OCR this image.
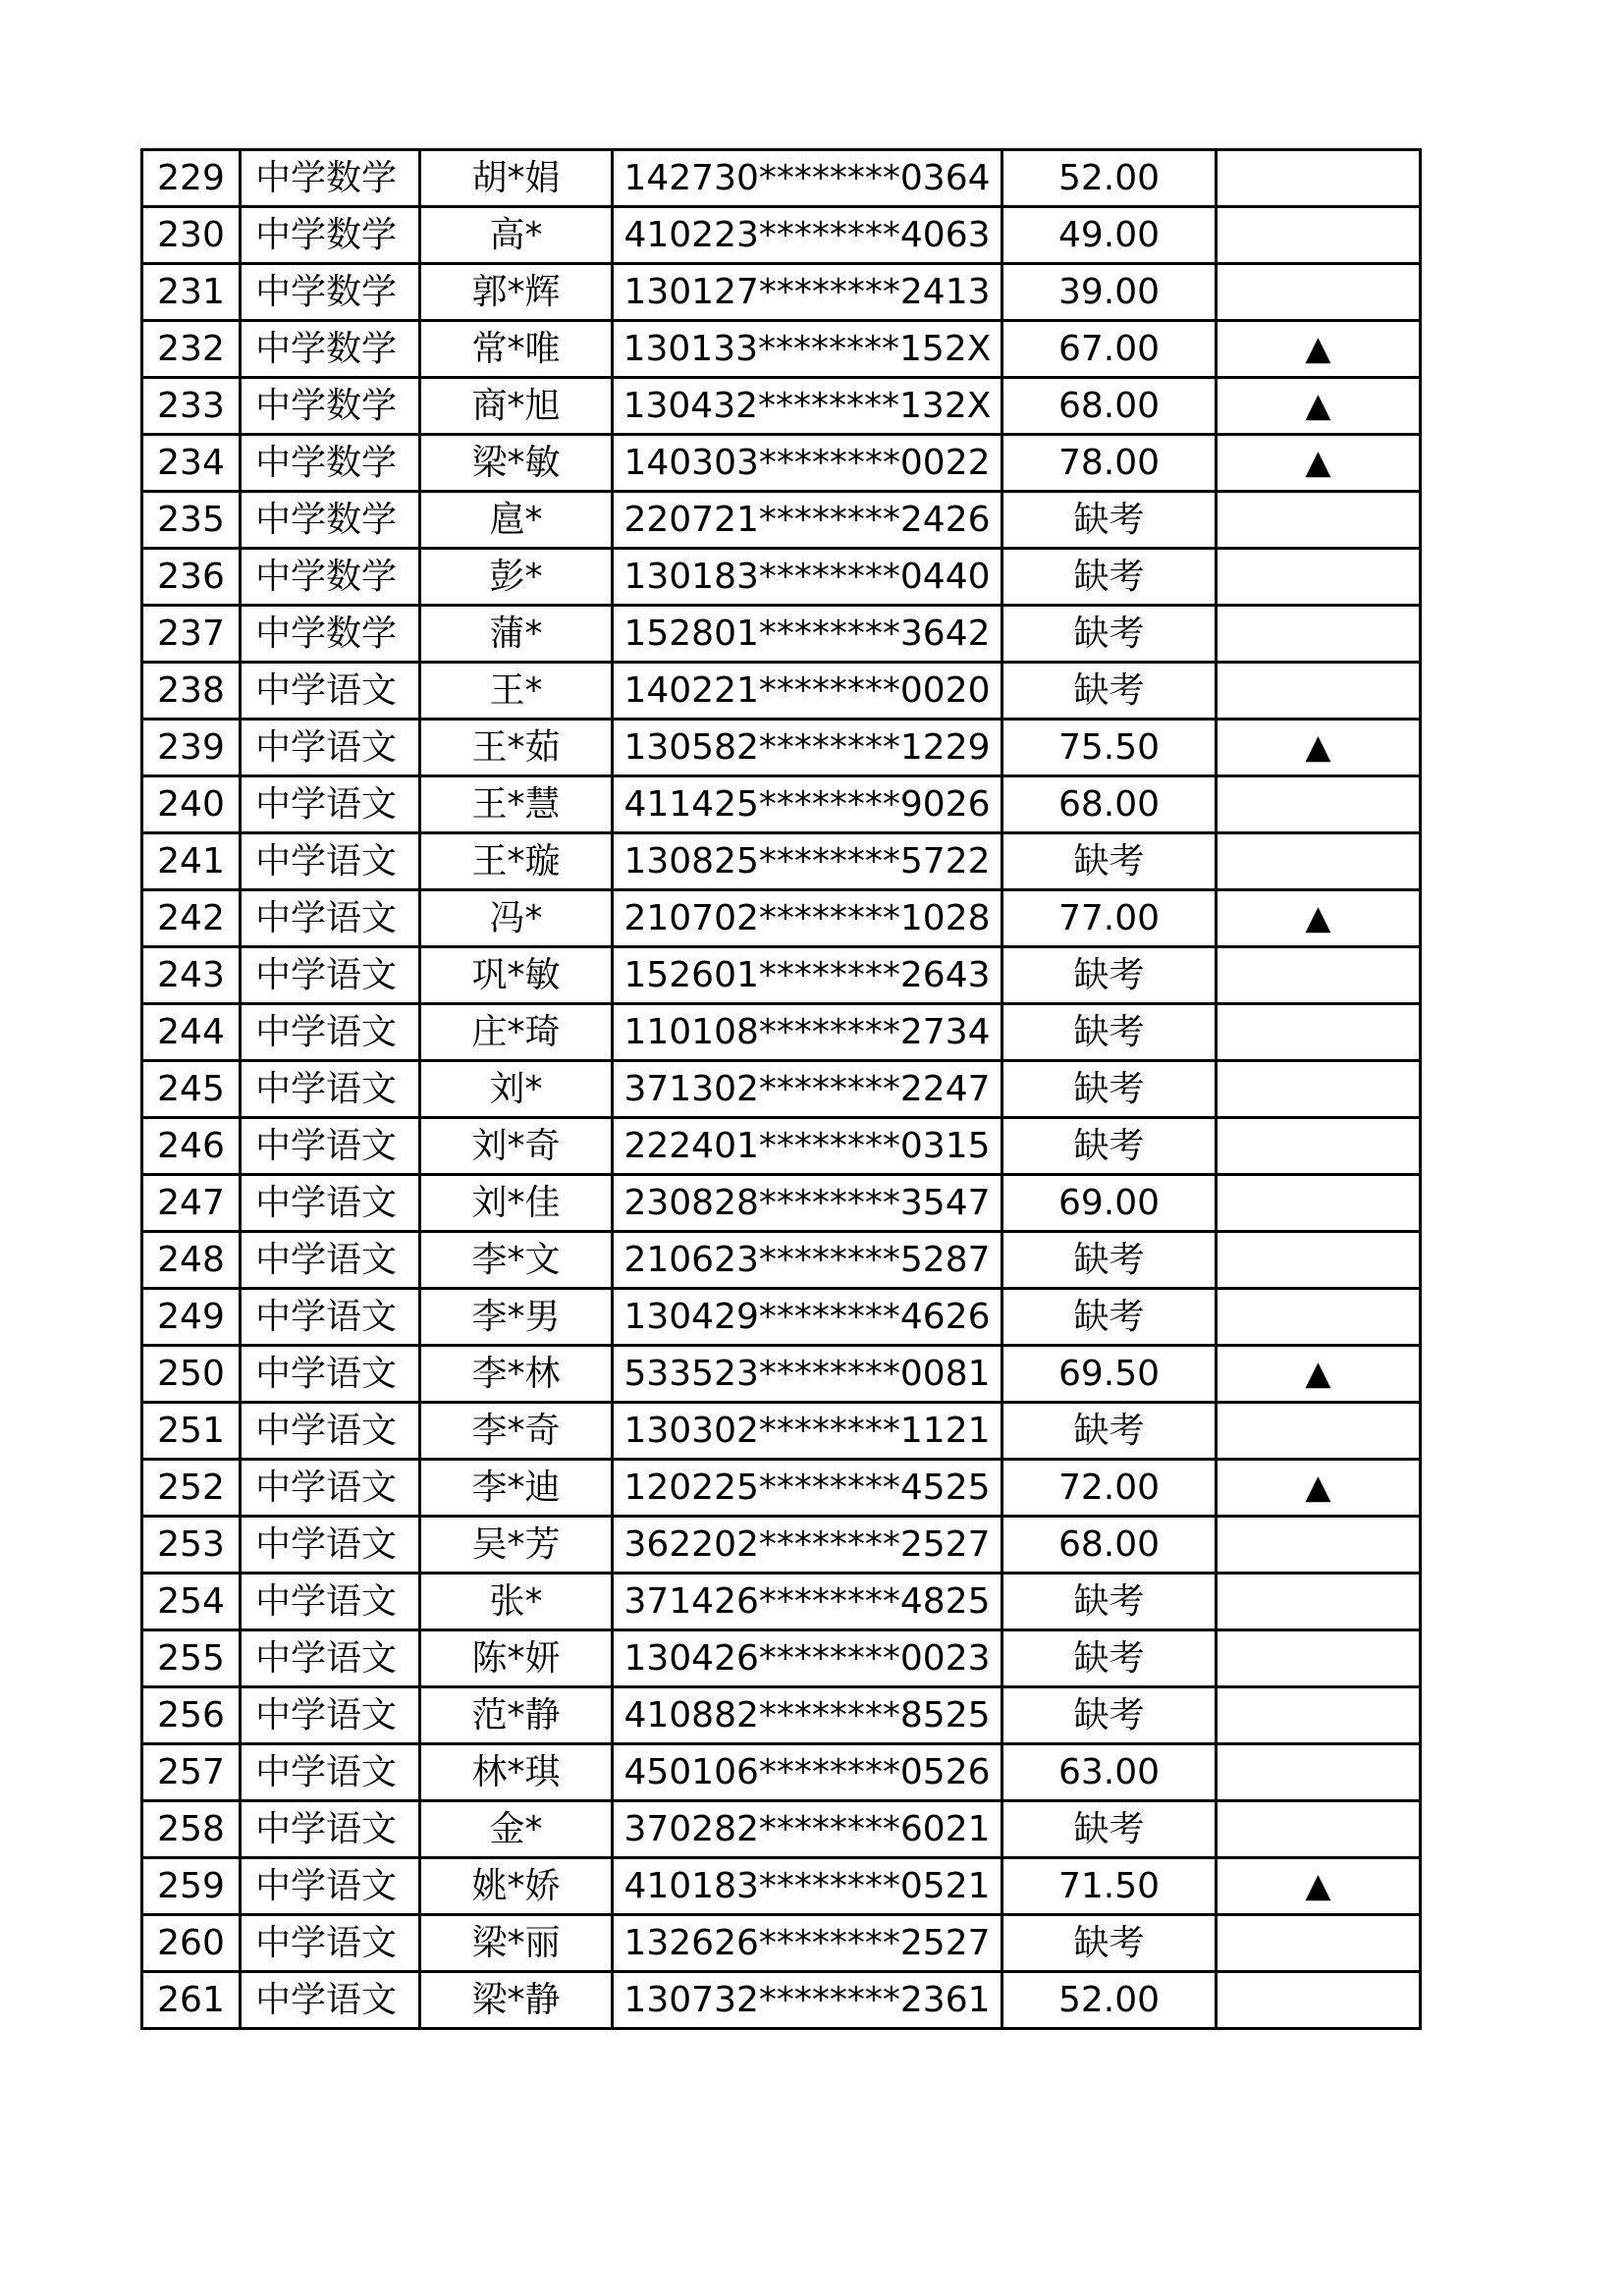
229	中学数学	胡*娟	142730********0364	52.00	
230	中学数学	高*	410223********4063	49.00	
231	中学数学	郭*辉	130127********2413	39.00	
232	中学数学	常*唯	130133********152X	67.00	▲
233	中学数学	商*旭	130432********132X	68.00	▲
234	中学数学	梁*敏	140303********0022	78.00	▲
235	中学数学	扈*	220721********2426	缺考	
236	中学数学	彭*	130183********0440	缺考	
237	中学数学	蒲*	152801********3642	缺考	
238	中学语文	王*	140221********0020	缺考	
239	中学语文	王*茹	130582********1229	75.50	▲
240	中学语文	王*慧	411425********9026	68.00	
241	中学语文	王*璇	130825********5722	缺考	
242	中学语文	冯*	210702********1028	77.00	▲
243	中学语文	巩*敏	152601********2643	缺考	
244	中学语文	庄*琦	110108********2734	缺考	
245	中学语文	刘*	371302********2247	缺考	
246	中学语文	刘*奇	222401********0315	缺考	
247	中学语文	刘*佳	230828********3547	69.00	
248	中学语文	李*文	210623********5287	缺考	
249	中学语文	李*男	130429********4626	缺考	
250	中学语文	李*林	533523********0081	69.50	▲
251	中学语文	李*奇	130302********1121	缺考	
252	中学语文	李*迪	120225********4525	72.00	▲
253	中学语文	吴*芳	362202********2527	68.00	
254	中学语文	张*	371426********4825	缺考	
255	中学语文	陈*妍	130426********0023	缺考	
256	中学语文	范*静	410882********8525	缺考	
257	中学语文	林*琪	450106********0526	63.00	
258	中学语文	金*	370282********6021	缺考	
259	中学语文	姚*娇	410183********0521	71.50	▲
260	中学语文	梁*丽	132626********2527	缺考	
261	中学语文	梁*静	130732********2361	52.00	
